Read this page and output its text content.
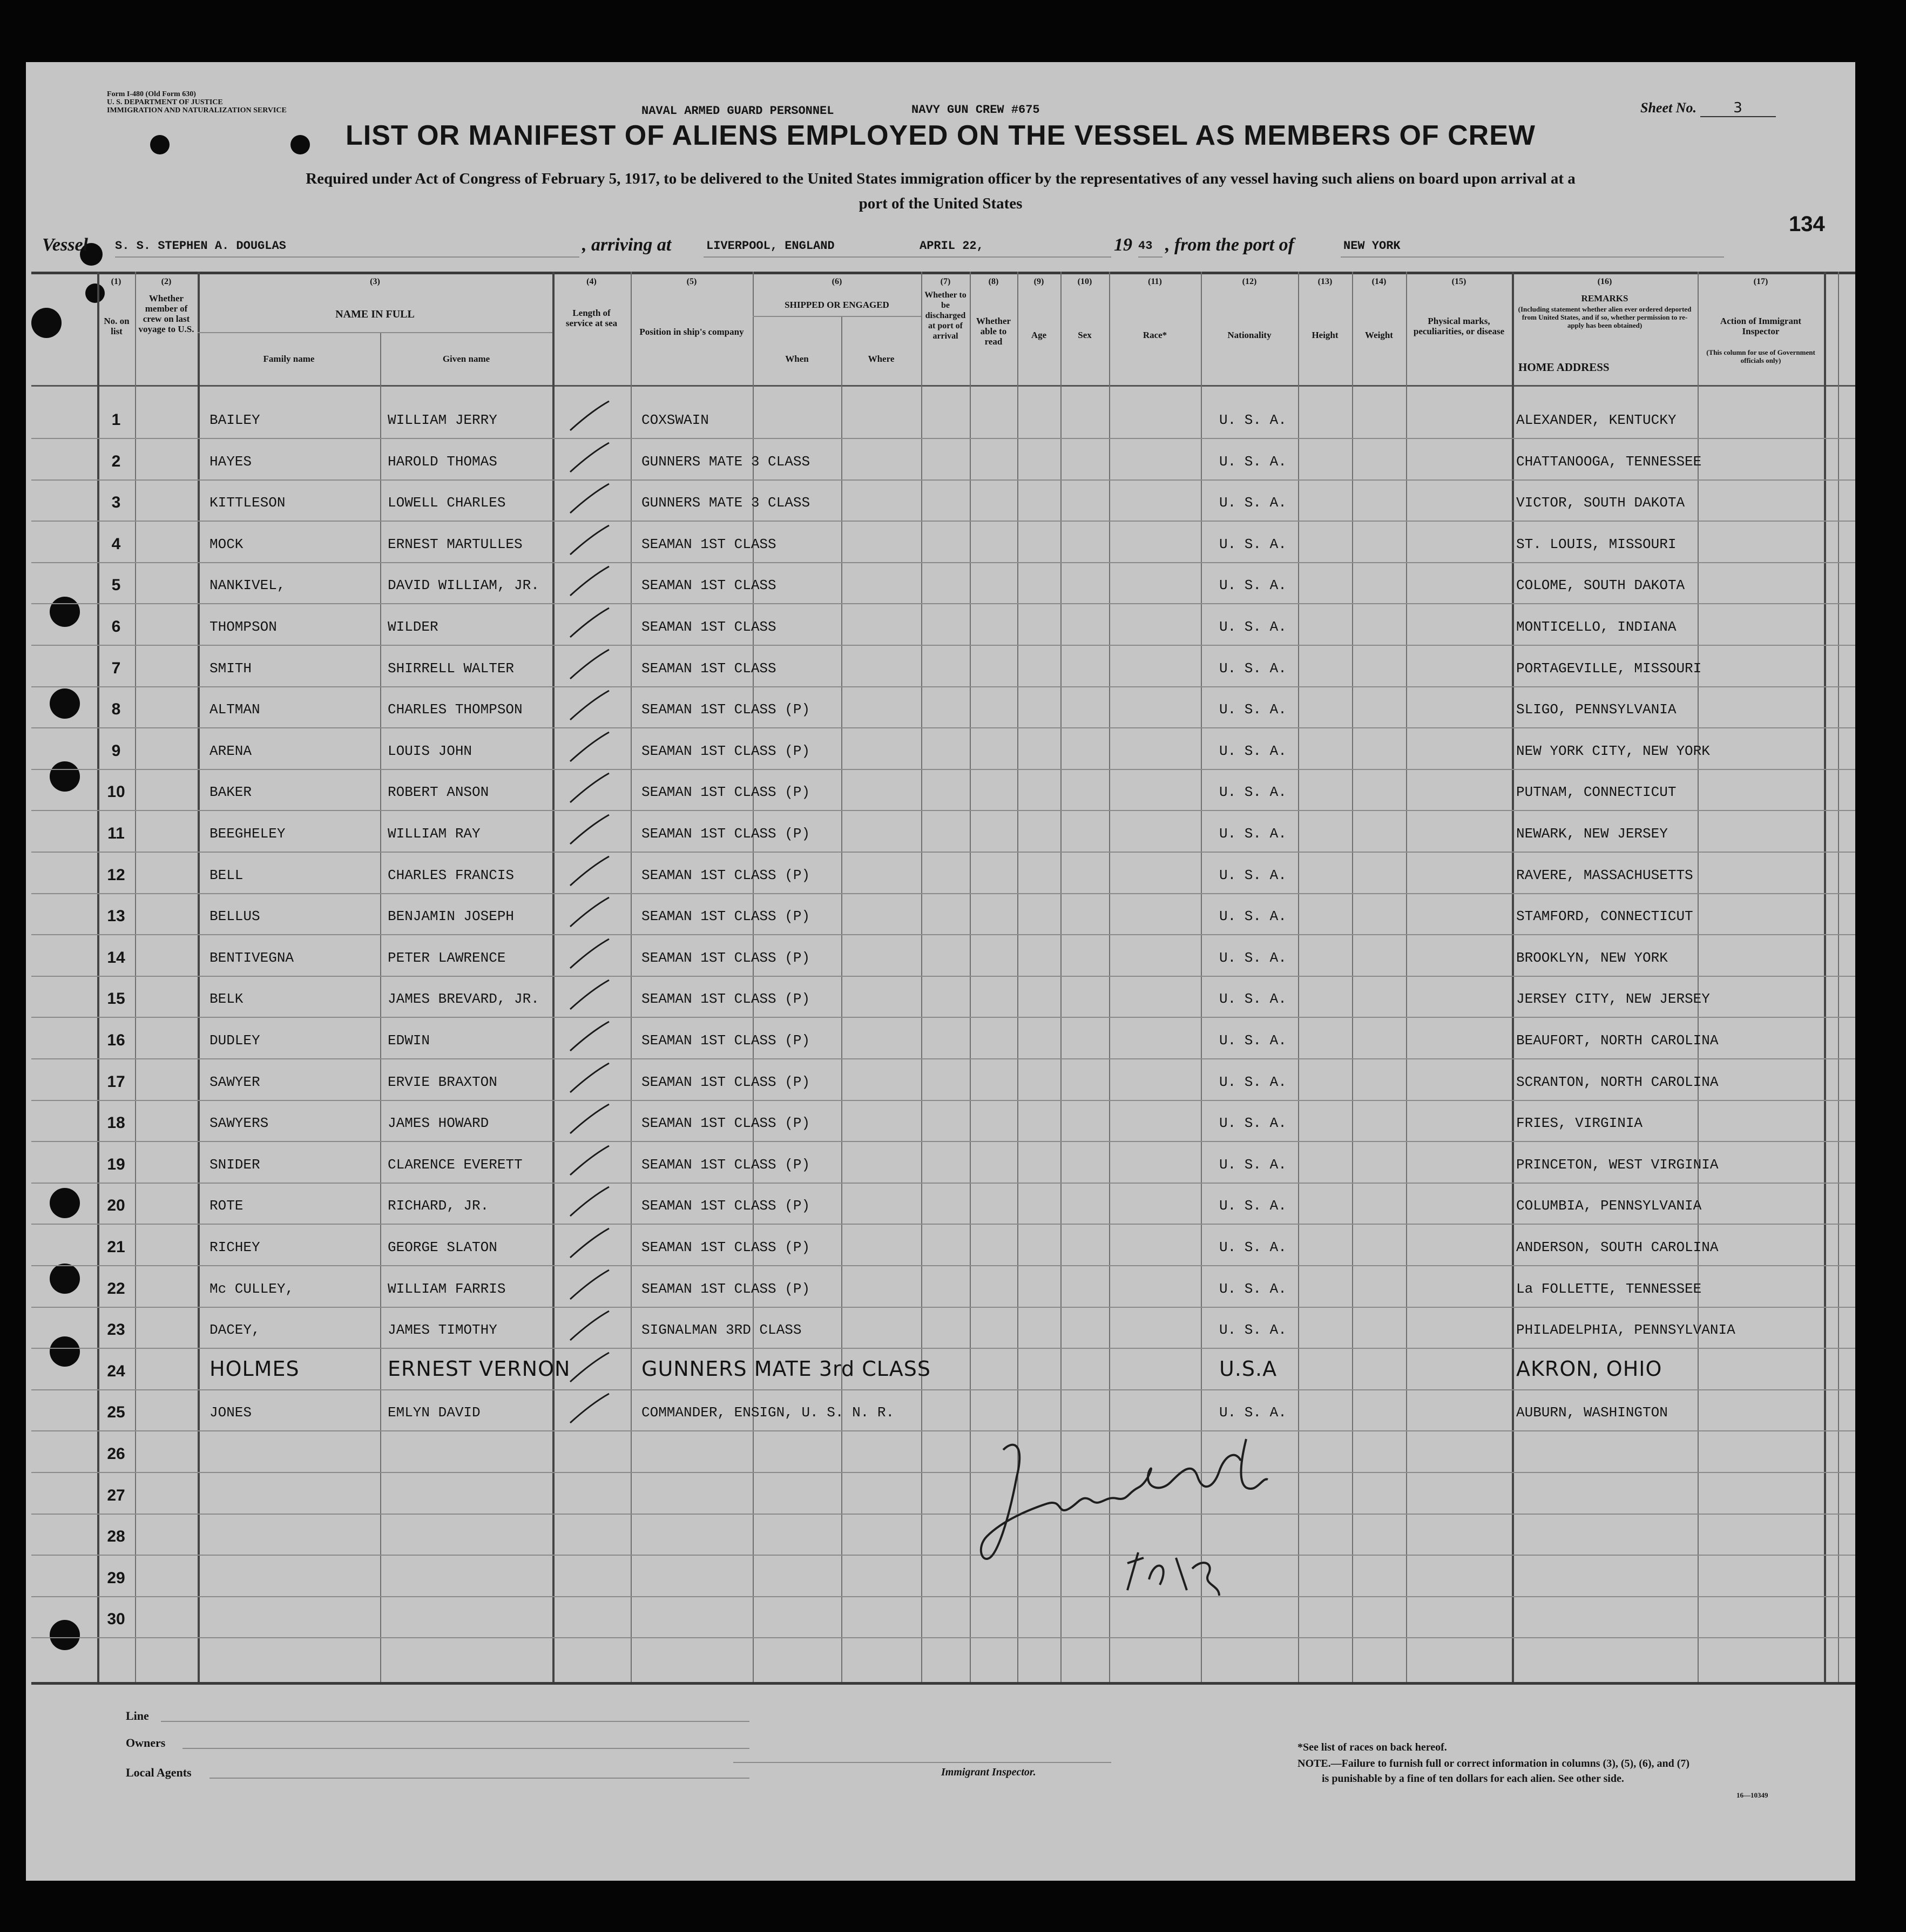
Form I-480 (Old Form 630)
U. S. DEPARTMENT OF JUSTICE
IMMIGRATION AND NATURALIZATION SERVICE	NAVAL ARMED GUARD PERSONNEL	NAVY GUN CREW #675	Sheet No.	3
LIST OR MANIFEST OF ALIENS EMPLOYED ON THE VESSEL AS MEMBERS OF CREW
Required under Act of Congress of February 5, 1917, to be delivered to the United States immigration officer by the representatives of any vessel having such aliens on board upon arrival at a
port of the United States
134
Vessel S. S. STEPHEN A. DOUGLAS	, arriving at	LIVERPOOL, ENGLAND	APRIL 22,	19 43 , from the port of	NEW YORK
(1)
No. on list
(2)
Whether member of crew on last voyage to U.S.
(3)
NAME IN FULL
Family name	Given name
(4)
Length of service at sea
(5)
Position in ship's company
(6)
SHIPPED OR ENGAGED
When	Where
(7)
Whether to be discharged at port of arrival
(8)
Whether able to read
(9)
Age
(10)
Sex
(11)
Race*
(12)
Nationality
(13)
Height
(14)
Weight
(15)
Physical marks, peculiarities, or disease
(16)
REMARKS
(Including statement whether alien ever ordered deported from United States, and if so, whether permission to re-apply has been obtained)
HOME ADDRESS
(17)
Action of Immigrant Inspector
(This column for use of Government officials only)
1	BAILEY	WILLIAM JERRY	COXSWAIN	U. S. A.	ALEXANDER, KENTUCKY
2	HAYES	HAROLD THOMAS	GUNNERS MATE 3 CLASS	U. S. A.	CHATTANOOGA, TENNESSEE
3	KITTLESON	LOWELL CHARLES	GUNNERS MATE 3 CLASS	U. S. A.	VICTOR, SOUTH DAKOTA
4	MOCK	ERNEST MARTULLES	SEAMAN 1ST CLASS	U. S. A.	ST. LOUIS, MISSOURI
5	NANKIVEL,	DAVID WILLIAM, JR.	SEAMAN 1ST CLASS	U. S. A.	COLOME, SOUTH DAKOTA
6	THOMPSON	WILDER	SEAMAN 1ST CLASS	U. S. A.	MONTICELLO, INDIANA
7	SMITH	SHIRRELL WALTER	SEAMAN 1ST CLASS	U. S. A.	PORTAGEVILLE, MISSOURI
8	ALTMAN	CHARLES THOMPSON	SEAMAN 1ST CLASS (P)	U. S. A.	SLIGO, PENNSYLVANIA
9	ARENA	LOUIS JOHN	SEAMAN 1ST CLASS (P)	U. S. A.	NEW YORK CITY, NEW YORK
10	BAKER	ROBERT ANSON	SEAMAN 1ST CLASS (P)	U. S. A.	PUTNAM, CONNECTICUT
11	BEEGHELEY	WILLIAM RAY	SEAMAN 1ST CLASS (P)	U. S. A.	NEWARK, NEW JERSEY
12	BELL	CHARLES FRANCIS	SEAMAN 1ST CLASS (P)	U. S. A.	RAVERE, MASSACHUSETTS
13	BELLUS	BENJAMIN JOSEPH	SEAMAN 1ST CLASS (P)	U. S. A.	STAMFORD, CONNECTICUT
14	BENTIVEGNA	PETER LAWRENCE	SEAMAN 1ST CLASS (P)	U. S. A.	BROOKLYN, NEW YORK
15	BELK	JAMES BREVARD, JR.	SEAMAN 1ST CLASS (P)	U. S. A.	JERSEY CITY, NEW JERSEY
16	DUDLEY	EDWIN	SEAMAN 1ST CLASS (P)	U. S. A.	BEAUFORT, NORTH CAROLINA
17	SAWYER	ERVIE BRAXTON	SEAMAN 1ST CLASS (P)	U. S. A.	SCRANTON, NORTH CAROLINA
18	SAWYERS	JAMES HOWARD	SEAMAN 1ST CLASS (P)	U. S. A.	FRIES, VIRGINIA
19	SNIDER	CLARENCE EVERETT	SEAMAN 1ST CLASS (P)	U. S. A.	PRINCETON, WEST VIRGINIA
20	ROTE	RICHARD, JR.	SEAMAN 1ST CLASS (P)	U. S. A.	COLUMBIA, PENNSYLVANIA
21	RICHEY	GEORGE SLATON	SEAMAN 1ST CLASS (P)	U. S. A.	ANDERSON, SOUTH CAROLINA
22	Mc CULLEY,	WILLIAM FARRIS	SEAMAN 1ST CLASS (P)	U. S. A.	La FOLLETTE, TENNESSEE
23	DACEY,	JAMES TIMOTHY	SIGNALMAN 3RD CLASS	U. S. A.	PHILADELPHIA, PENNSYLVANIA
24	HOLMES	ERNEST VERNON	GUNNERS MATE 3rd CLASS	U.S.A	AKRON, OHIO
25	JONES	EMLYN DAVID	COMMANDER, ENSIGN, U. S. N. R.	U. S. A.	AUBURN, WASHINGTON
26
27
28
29
30
Line
Owners
Local Agents	Immigrant Inspector.
*See list of races on back hereof.
NOTE.—Failure to furnish full or correct information in columns (3), (5), (6), and (7)
is punishable by a fine of ten dollars for each alien. See other side.
16—10349
